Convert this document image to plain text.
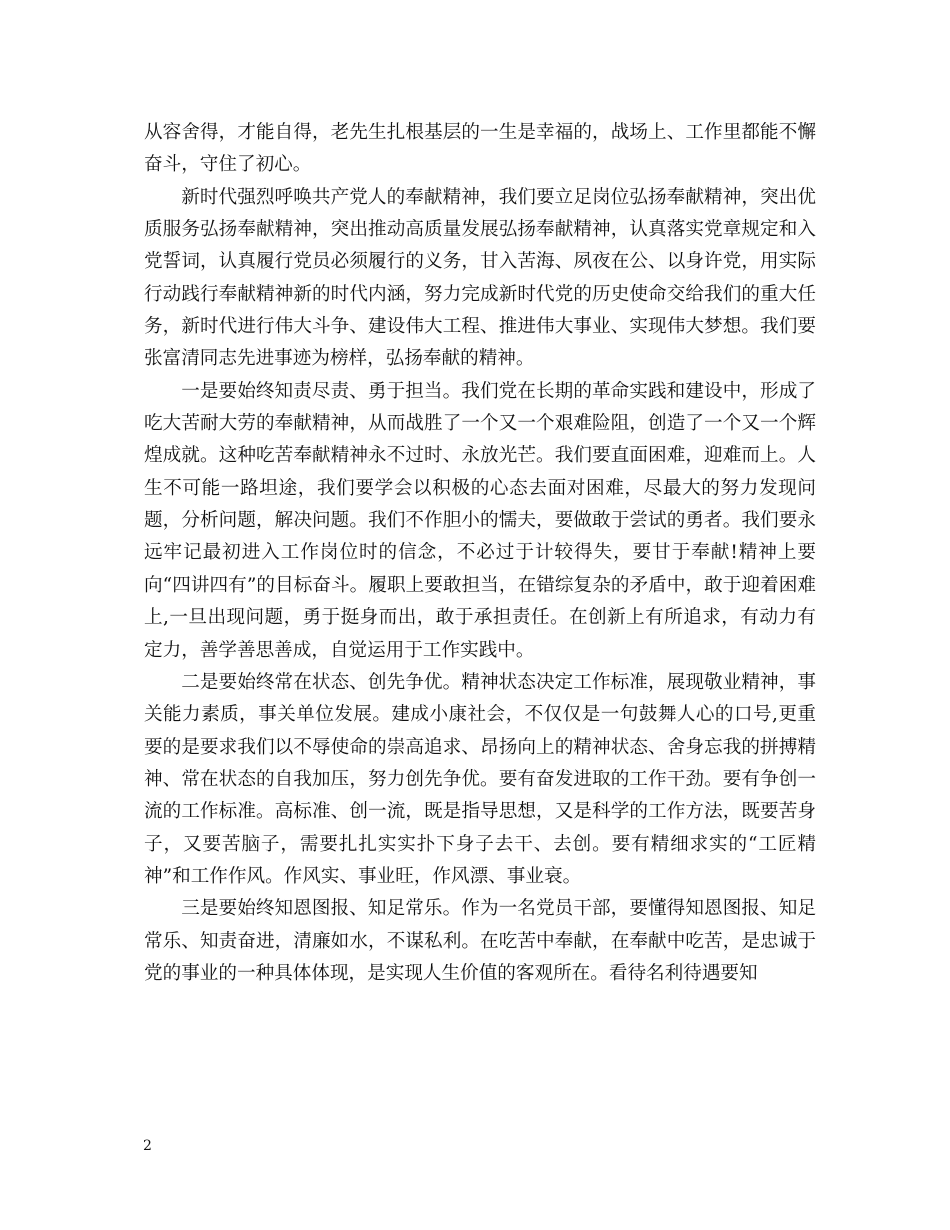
从容舍得，才能自得，老先生扎根基层的一生是幸福的，战场上、工作里都能不懈奋斗，守住了初心。

新时代强烈呼唤共产党人的奉献精神，我们要立足岗位弘扬奉献精神，突出优质服务弘扬奉献精神，突出推动高质量发展弘扬奉献精神，认真落实党章规定和入党誓词，认真履行党员必须履行的义务，甘入苦海、夙夜在公、以身许党，用实际行动践行奉献精神新的时代内涵，努力完成新时代党的历史使命交给我们的重大任务，新时代进行伟大斗争、建设伟大工程、推进伟大事业、实现伟大梦想。我们要张富清同志先进事迹为榜样，弘扬奉献的精神。

一是要始终知责尽责、勇于担当。我们党在长期的革命实践和建设中，形成了吃大苦耐大劳的奉献精神，从而战胜了一个又一个艰难险阻，创造了一个又一个辉煌成就。这种吃苦奉献精神永不过时、永放光芒。我们要直面困难，迎难而上。人生不可能一路坦途，我们要学会以积极的心态去面对困难，尽最大的努力发现问题，分析问题，解决问题。我们不作胆小的懦夫，要做敢于尝试的勇者。我们要永远牢记最初进入工作岗位时的信念，不必过于计较得失，要甘于奉献!精神上要向“四讲四有”的目标奋斗。履职上要敢担当，在错综复杂的矛盾中，敢于迎着困难上,一旦出现问题，勇于挺身而出，敢于承担责任。在创新上有所追求，有动力有定力，善学善思善成，自觉运用于工作实践中。

二是要始终常在状态、创先争优。精神状态决定工作标准，展现敬业精神，事关能力素质，事关单位发展。建成小康社会，不仅仅是一句鼓舞人心的口号,更重要的是要求我们以不辱使命的崇高追求、昂扬向上的精神状态、舍身忘我的拼搏精神、常在状态的自我加压，努力创先争优。要有奋发进取的工作干劲。要有争创一流的工作标准。高标准、创一流，既是指导思想，又是科学的工作方法，既要苦身子，又要苦脑子，需要扎扎实实扑下身子去干、去创。要有精细求实的“工匠精神”和工作作风。作风实、事业旺，作风漂、事业衰。

三是要始终知恩图报、知足常乐。作为一名党员干部，要懂得知恩图报、知足常乐、知责奋进，清廉如水，不谋私利。在吃苦中奉献，在奉献中吃苦，是忠诚于党的事业的一种具体体现，是实现人生价值的客观所在。看待名利待遇要知

2
